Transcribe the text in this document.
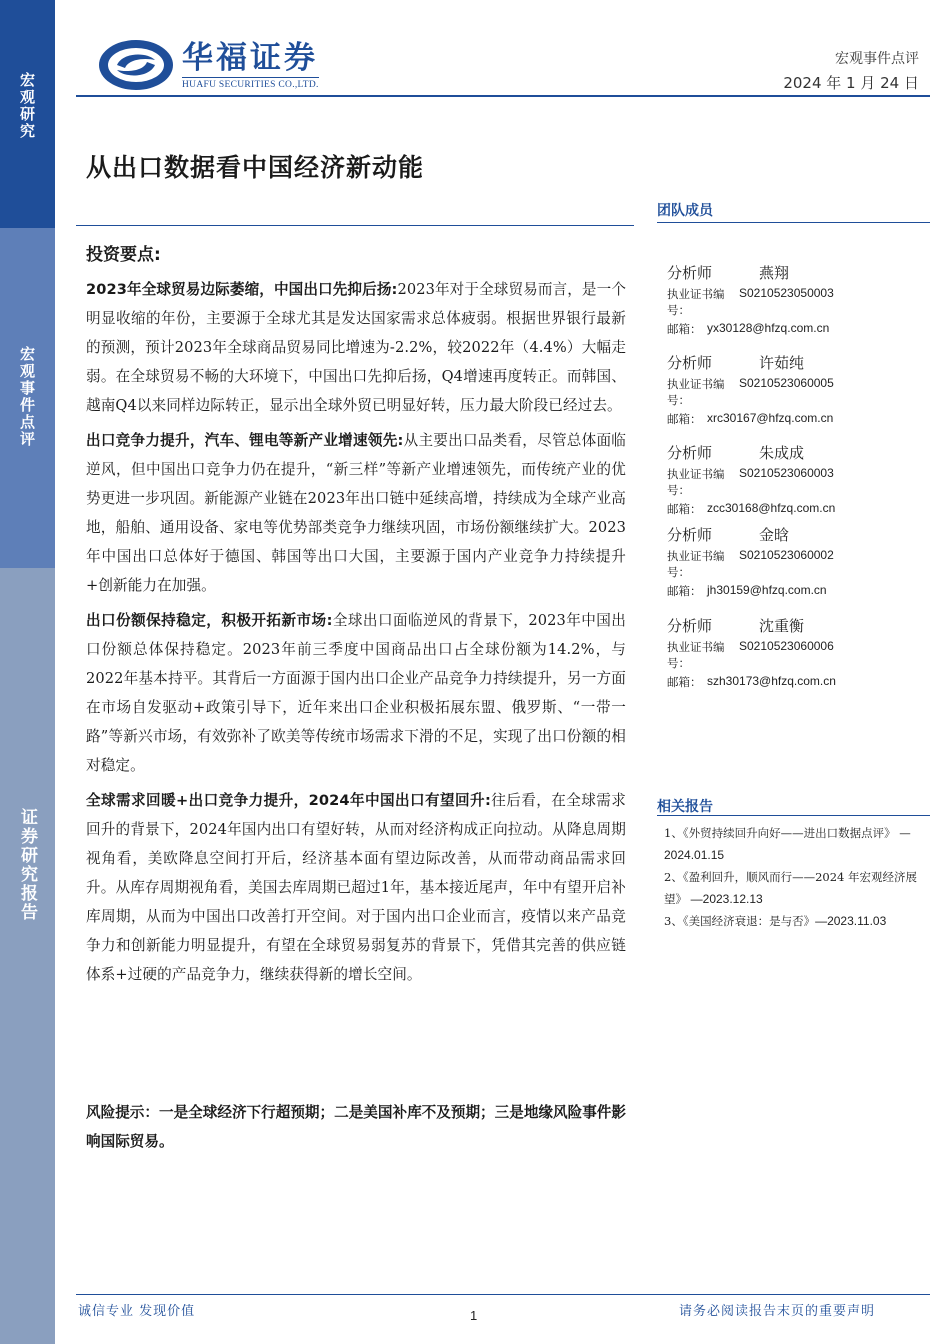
宏观研究
宏观事件点评
证券研究报告
华福证券
HUAFU SECURITIES CO.,LTD.
宏观事件点评
2024 年 1 月 24 日
从出口数据看中国经济新动能
投资要点:

2023年全球贸易边际萎缩，中国出口先抑后扬:2023年对于全球贸易而言，是一个明显收缩的年份，主要源于全球尤其是发达国家需求总体疲弱。根据世界银行最新的预测，预计2023年全球商品贸易同比增速为-2.2%，较2022年（4.4%）大幅走弱。在全球贸易不畅的大环境下，中国出口先抑后扬，Q4增速再度转正。而韩国、越南Q4以来同样边际转正，显示出全球外贸已明显好转，压力最大阶段已经过去。

出口竞争力提升，汽车、锂电等新产业增速领先:从主要出口品类看，尽管总体面临逆风，但中国出口竞争力仍在提升，“新三样”等新产业增速领先，而传统产业的优势更进一步巩固。新能源产业链在2023年出口链中延续高增，持续成为全球产业高地，船舶、通用设备、家电等优势部类竞争力继续巩固，市场份额继续扩大。2023年中国出口总体好于德国、韩国等出口大国，主要源于国内产业竞争力持续提升+创新能力在加强。

出口份额保持稳定，积极开拓新市场:全球出口面临逆风的背景下，2023年中国出口份额总体保持稳定。2023年前三季度中国商品出口占全球份额为14.2%，与2022年基本持平。其背后一方面源于国内出口企业产品竞争力持续提升，另一方面在市场自发驱动+政策引导下，近年来出口企业积极拓展东盟、俄罗斯、“一带一路”等新兴市场，有效弥补了欧美等传统市场需求下滑的不足，实现了出口份额的相对稳定。

全球需求回暖+出口竞争力提升，2024年中国出口有望回升:往后看，在全球需求回升的背景下，2024年国内出口有望好转，从而对经济构成正向拉动。从降息周期视角看，美欧降息空间打开后，经济基本面有望边际改善，从而带动商品需求回升。从库存周期视角看，美国去库周期已超过1年，基本接近尾声，年中有望开启补库周期，从而为中国出口改善打开空间。对于国内出口企业而言，疫情以来产品竞争力和创新能力明显提升，有望在全球贸易弱复苏的背景下，凭借其完善的供应链体系+过硬的产品竞争力，继续获得新的增长空间。

风险提示：一是全球经济下行超预期；二是美国补库不及预期；三是地缘风险事件影响国际贸易。
团队成员
分析师	燕翔
执业证书编号：
S0210523050003
邮箱： yx30128@hfzq.com.cn
分析师	许茹纯
执业证书编号：
S0210523060005
邮箱： xrc30167@hfzq.com.cn
分析师	朱成成
执业证书编号：
S0210523060003
邮箱： zcc30168@hfzq.com.cn
分析师	金晗
执业证书编号：
S0210523060002
邮箱： jh30159@hfzq.com.cn
分析师	沈重衡
执业证书编号：
S0210523060006
邮箱： szh30173@hfzq.com.cn
相关报告
1、《外贸持续回升向好——进出口数据点评》 —
2024.01.15
2、《盈利回升，顺风而行——2024 年宏观经济展望》 —2023.12.13
3、《美国经济衰退：是与否》—2023.11.03
诚信专业 发现价值	1	请务必阅读报告末页的重要声明
